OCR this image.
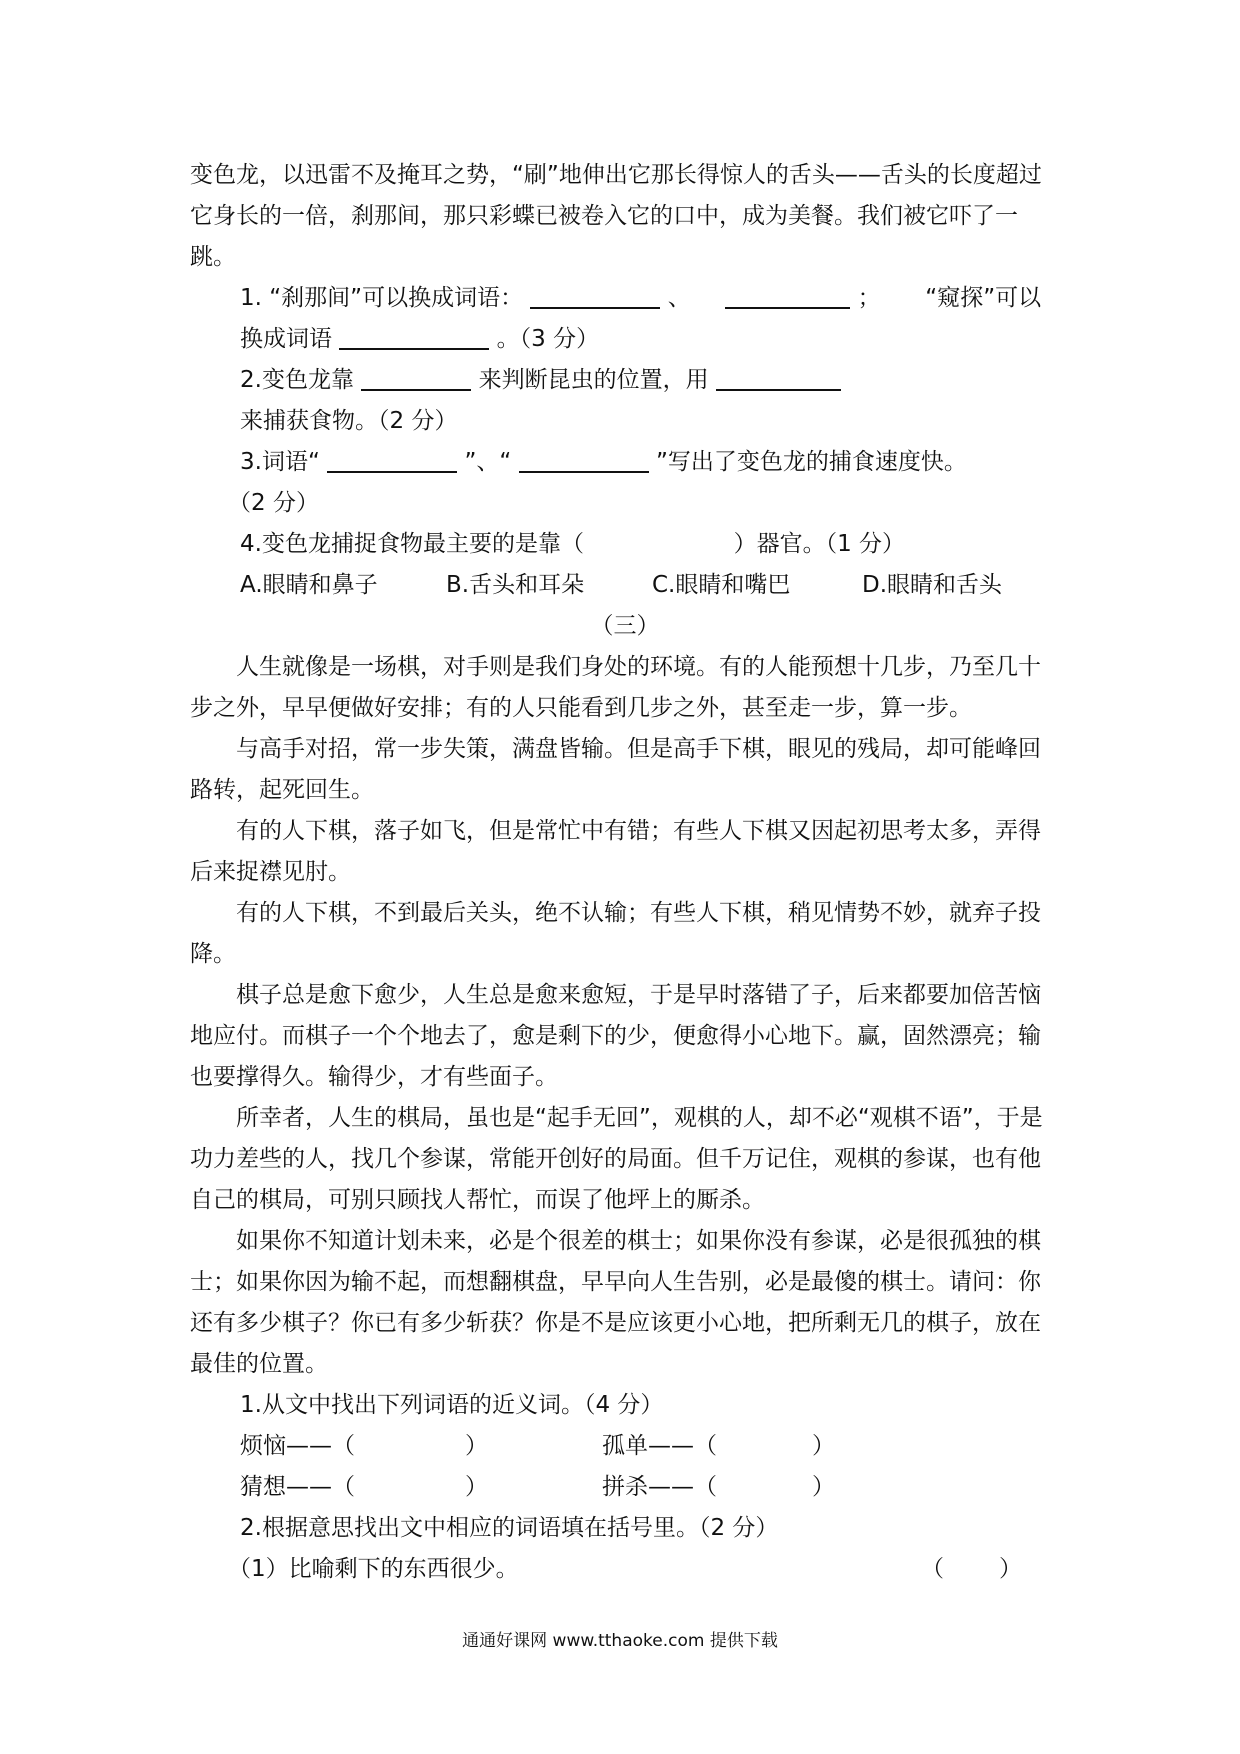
变色龙，以迅雷不及掩耳之势，“刷”地伸出它那长得惊人的舌头——舌头的长度超过它身长的一倍，刹那间，那只彩蝶已被卷入它的口中，成为美餐。我们被它吓了一跳。

1. “刹那间”可以换成词语：	、	； “窥探”可以换成词语	。（3 分）

2.变色龙靠	来判断昆虫的位置，用  来捕获食物。（2 分）

3.词语“	”、“	”写出了变色龙的捕食速度快。

（2 分）

4.变色龙捕捉食物最主要的是靠（	）器官。（1 分）

A.眼睛和鼻子	B.舌头和耳朵	C.眼睛和嘴巴	D.眼睛和舌头

（三）

人生就像是一场棋，对手则是我们身处的环境。有的人能预想十几步，乃至几十步之外，早早便做好安排；有的人只能看到几步之外，甚至走一步，算一步。

与高手对招，常一步失策，满盘皆输。但是高手下棋，眼见的残局，却可能峰回路转，起死回生。

有的人下棋，落子如飞，但是常忙中有错；有些人下棋又因起初思考太多，弄得后来捉襟见肘。

有的人下棋，不到最后关头，绝不认输；有些人下棋，稍见情势不妙，就弃子投降。

棋子总是愈下愈少，人生总是愈来愈短，于是早时落错了子，后来都要加倍苦恼地应付。而棋子一个个地去了，愈是剩下的少，便愈得小心地下。赢，固然漂亮；输也要撑得久。输得少，才有些面子。

所幸者，人生的棋局，虽也是“起手无回”，观棋的人，却不必“观棋不语”，于是功力差些的人，找几个参谋，常能开创好的局面。但千万记住，观棋的参谋，也有他自己的棋局，可别只顾找人帮忙，而误了他坪上的厮杀。

如果你不知道计划未来，必是个很差的棋士；如果你没有参谋，必是很孤独的棋士；如果你因为输不起，而想翻棋盘，早早向人生告别，必是最傻的棋士。请问：你还有多少棋子？你已有多少斩获？你是不是应该更小心地，把所剩无几的棋子，放在最佳的位置。

1.从文中找出下列词语的近义词。（4 分）

烦恼——（	）	孤单——（	）
猜想——（	）	拼杀——（	）

2.根据意思找出文中相应的词语填在括号里。（2 分）

（1）比喻剩下的东西很少。	（ ）
通通好课网 www.tthaoke.com 提供下载
